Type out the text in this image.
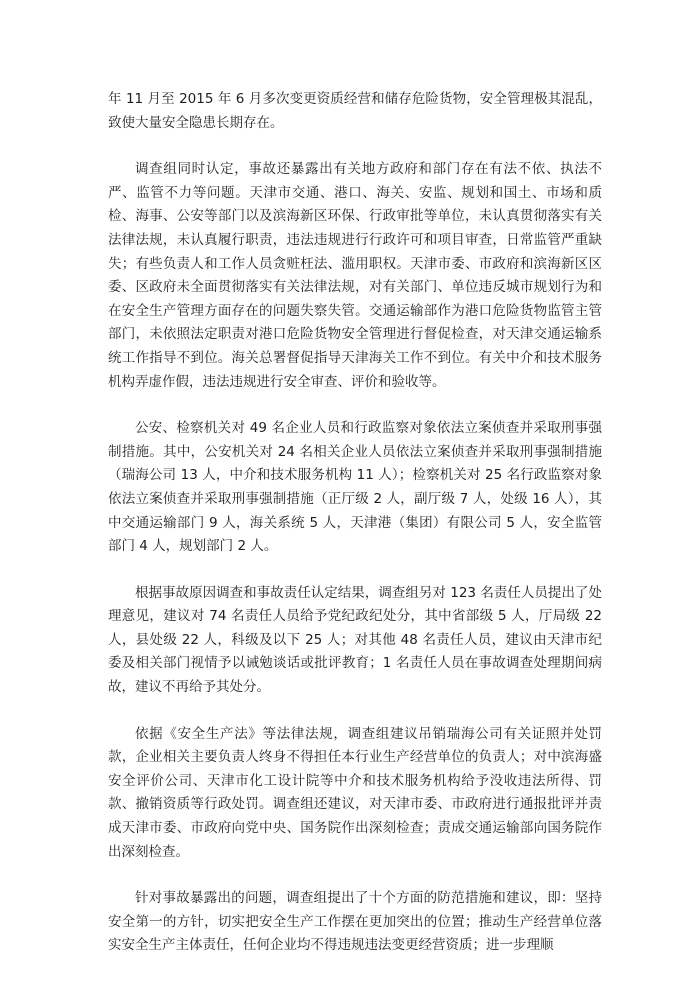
年 11 月至 2015 年 6 月多次变更资质经营和储存危险货物，安全管理极其混乱，致使大量安全隐患长期存在。

调查组同时认定，事故还暴露出有关地方政府和部门存在有法不依、执法不严、监管不力等问题。天津市交通、港口、海关、安监、规划和国土、市场和质检、海事、公安等部门以及滨海新区环保、行政审批等单位，未认真贯彻落实有关法律法规，未认真履行职责，违法违规进行行政许可和项目审查，日常监管严重缺失；有些负责人和工作人员贪赃枉法、滥用职权。天津市委、市政府和滨海新区区委、区政府未全面贯彻落实有关法律法规，对有关部门、单位违反城市规划行为和在安全生产管理方面存在的问题失察失管。交通运输部作为港口危险货物监管主管部门，未依照法定职责对港口危险货物安全管理进行督促检查，对天津交通运输系统工作指导不到位。海关总署督促指导天津海关工作不到位。有关中介和技术服务机构弄虚作假，违法违规进行安全审查、评价和验收等。

公安、检察机关对 49 名企业人员和行政监察对象依法立案侦查并采取刑事强制措施。其中，公安机关对 24 名相关企业人员依法立案侦查并采取刑事强制措施（瑞海公司 13 人，中介和技术服务机构 11 人）；检察机关对 25 名行政监察对象依法立案侦查并采取刑事强制措施（正厅级 2 人，副厅级 7 人，处级 16 人），其中交通运输部门 9 人，海关系统 5 人，天津港（集团）有限公司 5 人，安全监管部门 4 人，规划部门 2 人。

根据事故原因调查和事故责任认定结果，调查组另对 123 名责任人员提出了处理意见，建议对 74 名责任人员给予党纪政纪处分，其中省部级 5 人，厅局级 22 人，县处级 22 人，科级及以下 25 人；对其他 48 名责任人员，建议由天津市纪委及相关部门视情予以诫勉谈话或批评教育；1 名责任人员在事故调查处理期间病故，建议不再给予其处分。

依据《安全生产法》等法律法规，调查组建议吊销瑞海公司有关证照并处罚款，企业相关主要负责人终身不得担任本行业生产经营单位的负责人；对中滨海盛安全评价公司、天津市化工设计院等中介和技术服务机构给予没收违法所得、罚款、撤销资质等行政处罚。调查组还建议，对天津市委、市政府进行通报批评并责成天津市委、市政府向党中央、国务院作出深刻检查；责成交通运输部向国务院作出深刻检查。

针对事故暴露出的问题，调查组提出了十个方面的防范措施和建议，即：坚持安全第一的方针，切实把安全生产工作摆在更加突出的位置；推动生产经营单位落实安全生产主体责任，任何企业均不得违规违法变更经营资质；进一步理顺
